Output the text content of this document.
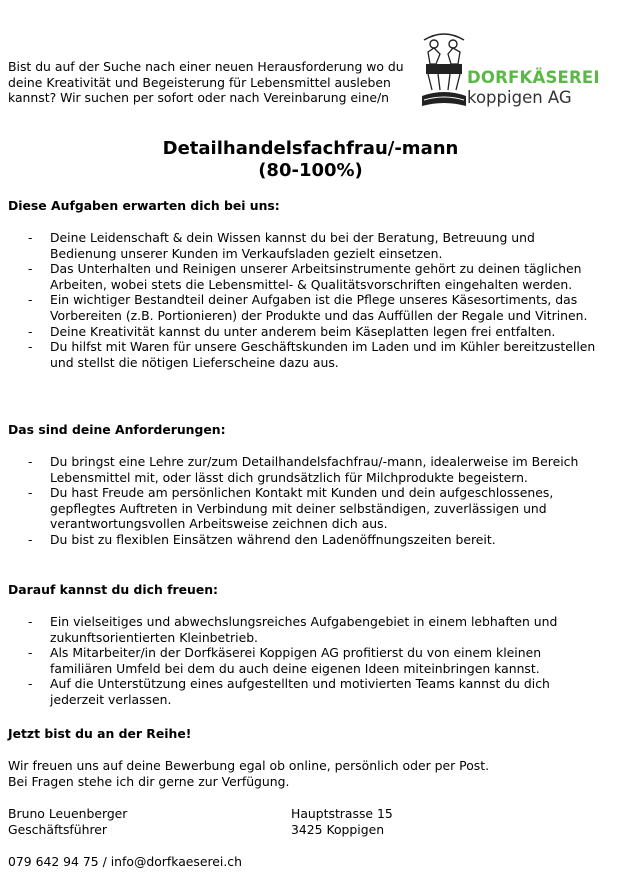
Bist du auf der Suche nach einer neuen Herausforderung wo du deine Kreativität und Begeisterung für Lebensmittel ausleben kannst? Wir suchen per sofort oder nach Vereinbarung eine/n
DORFKÄSEREI
koppigen AG
Detailhandelsfachfrau/-mann
(80-100%)
Diese Aufgaben erwarten dich bei uns:
- Deine Leidenschaft & dein Wissen kannst du bei der Beratung, Betreuung und Bedienung unserer Kunden im Verkaufsladen gezielt einsetzen.
- Das Unterhalten und Reinigen unserer Arbeitsinstrumente gehört zu deinen täglichen Arbeiten, wobei stets die Lebensmittel- & Qualitätsvorschriften eingehalten werden.
- Ein wichtiger Bestandteil deiner Aufgaben ist die Pflege unseres Käsesortiments, das Vorbereiten (z.B. Portionieren) der Produkte und das Auffüllen der Regale und Vitrinen.
- Deine Kreativität kannst du unter anderem beim Käseplatten legen frei entfalten.
- Du hilfst mit Waren für unsere Geschäftskunden im Laden und im Kühler bereitzustellen und stellst die nötigen Lieferscheine dazu aus.
Das sind deine Anforderungen:
- Du bringst eine Lehre zur/zum Detailhandelsfachfrau/-mann, idealerweise im Bereich Lebensmittel mit, oder lässt dich grundsätzlich für Milchprodukte begeistern.
- Du hast Freude am persönlichen Kontakt mit Kunden und dein aufgeschlossenes, gepflegtes Auftreten in Verbindung mit deiner selbständigen, zuverlässigen und verantwortungsvollen Arbeitsweise zeichnen dich aus.
- Du bist zu flexiblen Einsätzen während den Ladenöffnungszeiten bereit.
Darauf kannst du dich freuen:
- Ein vielseitiges und abwechslungsreiches Aufgabengebiet in einem lebhaften und zukunftsorientierten Kleinbetrieb.
- Als Mitarbeiter/in der Dorfkäserei Koppigen AG profitierst du von einem kleinen familiären Umfeld bei dem du auch deine eigenen Ideen miteinbringen kannst.
- Auf die Unterstützung eines aufgestellten und motivierten Teams kannst du dich jederzeit verlassen.
Jetzt bist du an der Reihe!
Wir freuen uns auf deine Bewerbung egal ob online, persönlich oder per Post.
Bei Fragen stehe ich dir gerne zur Verfügung.
Bruno Leuenberger
Geschäftsführer
Hauptstrasse 15
3425 Koppigen
079 642 94 75 / info@dorfkaeserei.ch
